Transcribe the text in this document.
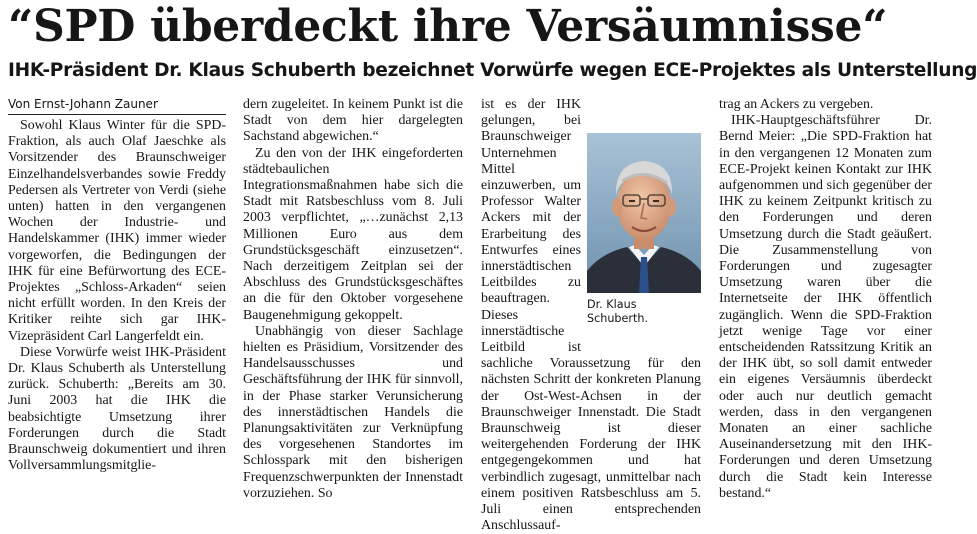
“SPD überdeckt ihre Versäumnisse“
IHK-Präsident Dr. Klaus Schuberth bezeichnet Vorwürfe wegen ECE-Projektes als Unterstellung
Von Ernst-Johann Zauner

Sowohl Klaus Winter für die SPD-Fraktion, als auch Olaf Jaeschke als Vorsitzender des Braunschweiger Einzelhandelsverbandes sowie Freddy Pedersen als Vertreter von Verdi (siehe unten) hatten in den vergangenen Wochen der Industrie- und Handelskammer (IHK) immer wieder vorgeworfen, die Bedingungen der IHK für eine Befürwortung des ECE-Projektes „Schloss-Arkaden“ seien nicht erfüllt worden. In den Kreis der Kritiker reihte sich gar IHK-Vizepräsident Carl Langerfeldt ein.

Diese Vorwürfe weist IHK-Präsident Dr. Klaus Schuberth als Unterstellung zurück. Schuberth: „Bereits am 30. Juni 2003 hat die IHK die beabsichtigte Umsetzung ihrer Forderungen durch die Stadt Braunschweig dokumentiert und ihren Vollversammlungsmitglie-

dern zugeleitet. In keinem Punkt ist die Stadt von dem hier dargelegten Sachstand abgewichen.“

Zu den von der IHK eingeforderten städtebaulichen Integrationsmaßnahmen habe sich die Stadt mit Ratsbeschluss vom 8. Juli 2003 verpflichtet, „…zunächst 2,13 Millionen Euro aus dem Grundstücksgeschäft einzusetzen“. Nach derzeitigem Zeitplan sei der Abschluss des Grundstücksgeschäftes an die für den Oktober vorgesehene Baugenehmigung gekoppelt.

Unabhängig von dieser Sachlage hielten es Präsidium, Vorsitzender des Handelsausschusses und Geschäftsführung der IHK für sinnvoll, in der Phase starker Verunsicherung des innerstädtischen Handels die Planungsaktivitäten zur Verknüpfung des vorgesehenen Standortes im Schlosspark mit den bisherigen Frequenzschwerpunkten der Innenstadt vorzuziehen. So

Dr. Klaus Schuberth.

ist es der IHK gelungen, bei Braunschweiger Unternehmen Mittel einzuwerben, um Professor Walter Ackers mit der Erarbeitung des Entwurfes eines innerstädtischen Leitbildes zu beauftragen. Dieses innerstädtische Leitbild ist sachliche Voraussetzung für den nächsten Schritt der konkreten Planung der Ost-West-Achsen in der Braunschweiger Innenstadt. Die Stadt Braunschweig ist dieser weitergehenden Forderung der IHK entgegengekommen und hat verbindlich zugesagt, unmittelbar nach einem positiven Ratsbeschluss am 5. Juli einen entsprechenden Anschlussauf-

trag an Ackers zu vergeben.

IHK-Hauptgeschäftsführer Dr. Bernd Meier: „Die SPD-Fraktion hat in den vergangenen 12 Monaten zum ECE-Projekt keinen Kontakt zur IHK aufgenommen und sich gegenüber der IHK zu keinem Zeitpunkt kritisch zu den Forderungen und deren Umsetzung durch die Stadt geäußert. Die Zusammenstellung von Forderungen und zugesagter Umsetzung waren über die Internetseite der IHK öffentlich zugänglich. Wenn die SPD-Fraktion jetzt wenige Tage vor einer entscheidenden Ratssitzung Kritik an der IHK übt, so soll damit entweder ein eigenes Versäumnis überdeckt oder auch nur deutlich gemacht werden, dass in den vergangenen Monaten an einer sachliche Auseinandersetzung mit den IHK-Forderungen und deren Umsetzung durch die Stadt kein Interesse bestand.“
